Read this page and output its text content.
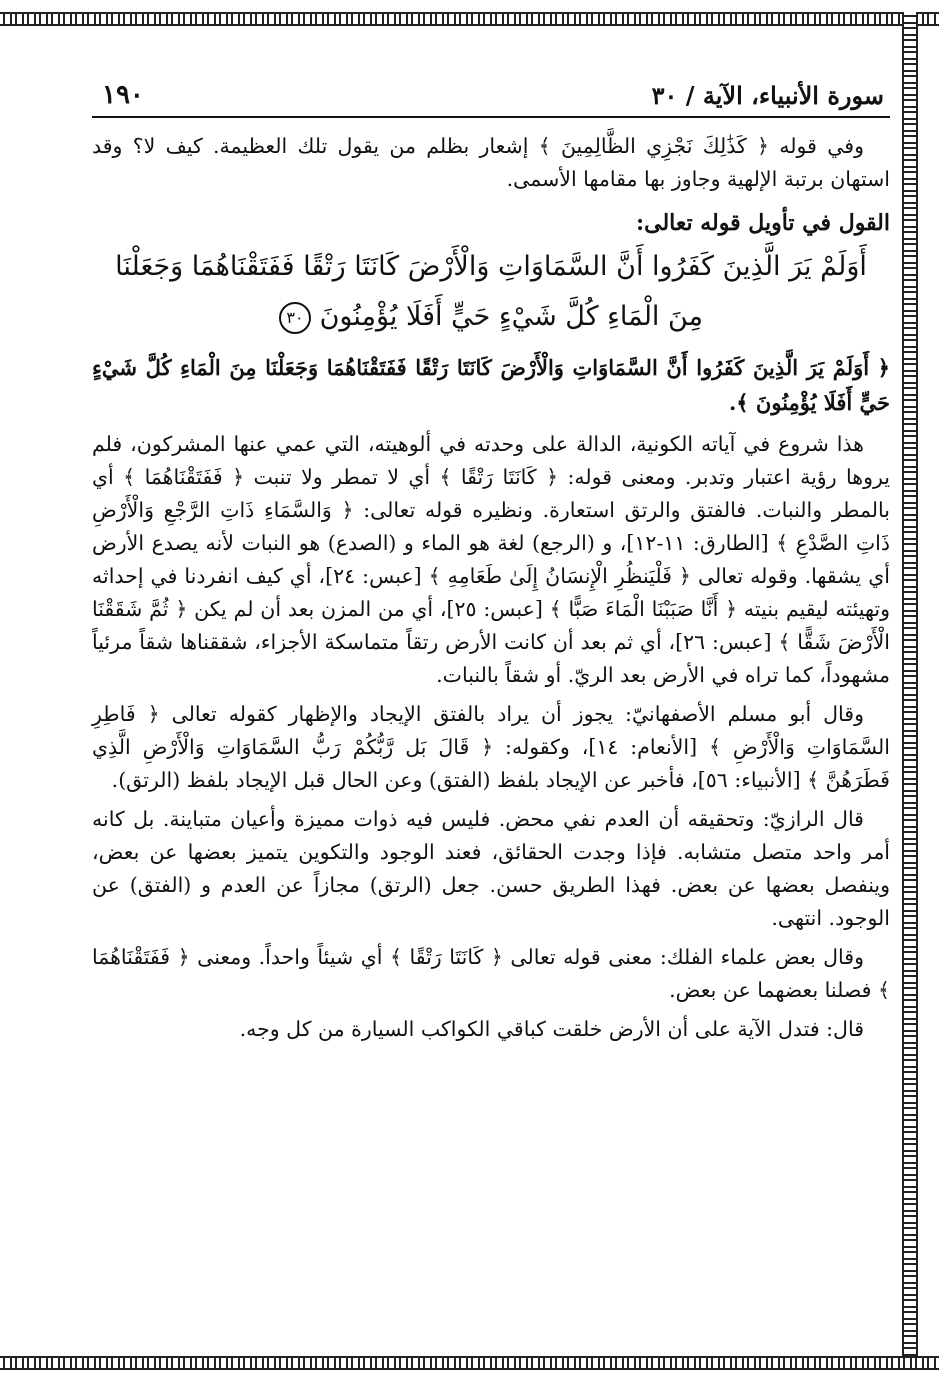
سورة الأنبياء، الآية / ٣٠
١٩٠

وفي قوله ﴿ كَذَٰلِكَ نَجْزِي الظَّالِمِينَ ﴾ إشعار بظلم من يقول تلك العظيمة. كيف لا؟ وقد استهان برتبة الإلهية وجاوز بها مقامها الأسمى.

القول في تأويل قوله تعالى:

أَوَلَمْ يَرَ الَّذِينَ كَفَرُوا أَنَّ السَّمَاوَاتِ وَالْأَرْضَ كَانَتَا رَتْقًا فَفَتَقْنَاهُمَا وَجَعَلْنَا
مِنَ الْمَاءِ كُلَّ شَيْءٍ حَيٍّ أَفَلَا يُؤْمِنُونَ ٣٠

﴿ أَوَلَمْ يَرَ الَّذِينَ كَفَرُوا أَنَّ السَّمَاوَاتِ وَالْأَرْضَ كَانَتَا رَتْقًا فَفَتَقْنَاهُمَا وَجَعَلْنَا مِنَ الْمَاءِ كُلَّ شَيْءٍ حَيٍّ أَفَلَا يُؤْمِنُونَ ﴾.

هذا شروع في آياته الكونية، الدالة على وحدته في ألوهيته، التي عمي عنها المشركون، فلم يروها رؤية اعتبار وتدبر. ومعنى قوله: ﴿ كَانَتَا رَتْقًا ﴾ أي لا تمطر ولا تنبت ﴿ فَفَتَقْنَاهُمَا ﴾ أي بالمطر والنبات. فالفتق والرتق استعارة. ونظيره قوله تعالى: ﴿ وَالسَّمَاءِ ذَاتِ الرَّجْعِ وَالْأَرْضِ ذَاتِ الصَّدْعِ ﴾ [الطارق: ١١-١٢]، و (الرجع) لغة هو الماء و (الصدع) هو النبات لأنه يصدع الأرض أي يشقها. وقوله تعالى ﴿ فَلْيَنظُرِ الْإِنسَانُ إِلَىٰ طَعَامِهِ ﴾ [عبس: ٢٤]، أي كيف انفردنا في إحداثه وتهيئته ليقيم بنيته ﴿ أَنَّا صَبَبْنَا الْمَاءَ صَبًّا ﴾ [عبس: ٢٥]، أي من المزن بعد أن لم يكن ﴿ ثُمَّ شَقَقْنَا الْأَرْضَ شَقًّا ﴾ [عبس: ٢٦]، أي ثم بعد أن كانت الأرض رتقاً متماسكة الأجزاء، شققناها شقاً مرئياً مشهوداً، كما تراه في الأرض بعد الريّ. أو شقاً بالنبات.

وقال أبو مسلم الأصفهانيّ: يجوز أن يراد بالفتق الإيجاد والإظهار كقوله تعالى ﴿ فَاطِرِ السَّمَاوَاتِ وَالْأَرْضِ ﴾ [الأنعام: ١٤]، وكقوله: ﴿ قَالَ بَل رَّبُّكُمْ رَبُّ السَّمَاوَاتِ وَالْأَرْضِ الَّذِي فَطَرَهُنَّ ﴾ [الأنبياء: ٥٦]، فأخبر عن الإيجاد بلفظ (الفتق) وعن الحال قبل الإيجاد بلفظ (الرتق).

قال الرازيّ: وتحقيقه أن العدم نفي محض. فليس فيه ذوات مميزة وأعيان متباينة. بل كانه أمر واحد متصل متشابه. فإذا وجدت الحقائق، فعند الوجود والتكوين يتميز بعضها عن بعض، وينفصل بعضها عن بعض. فهذا الطريق حسن. جعل (الرتق) مجازاً عن العدم و (الفتق) عن الوجود. انتهى.

وقال بعض علماء الفلك: معنى قوله تعالى ﴿ كَانَتَا رَتْقًا ﴾ أي شيئاً واحداً. ومعنى ﴿ فَفَتَقْنَاهُمَا ﴾ فصلنا بعضهما عن بعض.

قال: فتدل الآية على أن الأرض خلقت كباقي الكواكب السيارة من كل وجه.
